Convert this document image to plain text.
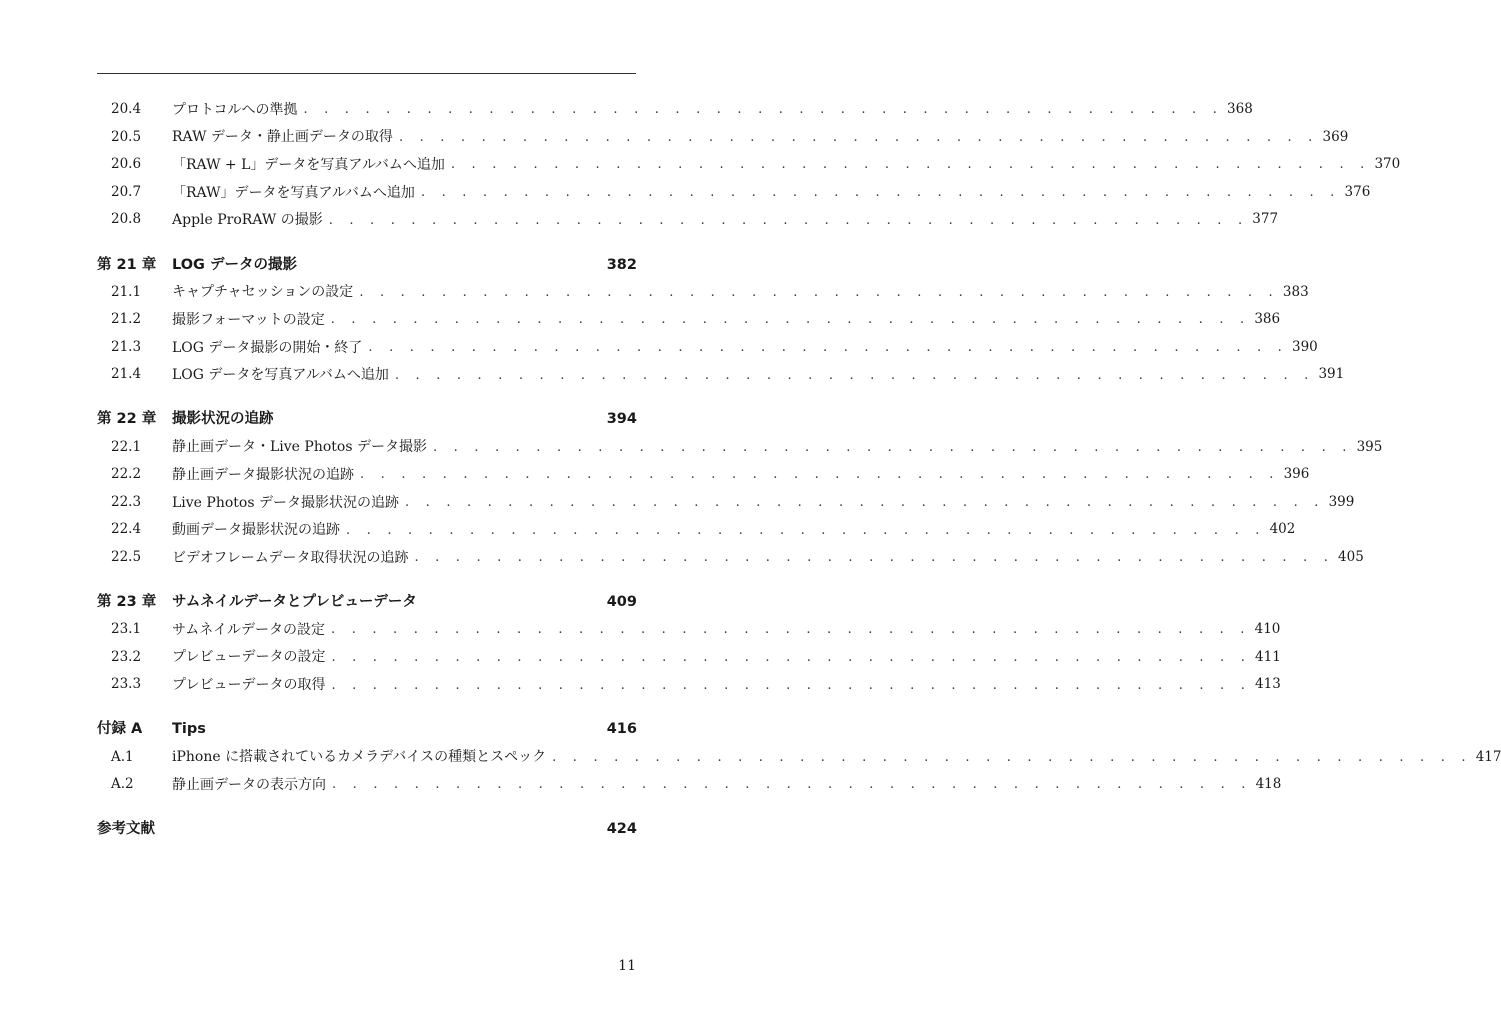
20.4	プロトコルへの準拠 . . . . . . . . . . . . . . . . . . . . . . . . . . . . . . . . . . . . . . . . . . . . . 368
20.5	RAW データ・静止画データの取得 . . . . . . . . . . . . . . . . . . . . . . . . . . . . . . . . . . . . . . . . . . . . . 369
20.6	「RAW + L」データを写真アルバムへ追加 . . . . . . . . . . . . . . . . . . . . . . . . . . . . . . . . . . . . . . . . . . . . . 370
20.7	「RAW」データを写真アルバムへ追加 . . . . . . . . . . . . . . . . . . . . . . . . . . . . . . . . . . . . . . . . . . . . . 376
20.8	Apple ProRAW の撮影 . . . . . . . . . . . . . . . . . . . . . . . . . . . . . . . . . . . . . . . . . . . . . 377
第 21 章	LOG データの撮影	382
21.1	キャプチャセッションの設定 . . . . . . . . . . . . . . . . . . . . . . . . . . . . . . . . . . . . . . . . . . . . . 383
21.2	撮影フォーマットの設定 . . . . . . . . . . . . . . . . . . . . . . . . . . . . . . . . . . . . . . . . . . . . . 386
21.3	LOG データ撮影の開始・終了 . . . . . . . . . . . . . . . . . . . . . . . . . . . . . . . . . . . . . . . . . . . . . 390
21.4	LOG データを写真アルバムへ追加 . . . . . . . . . . . . . . . . . . . . . . . . . . . . . . . . . . . . . . . . . . . . . 391
第 22 章	撮影状況の追跡	394
22.1	静止画データ・Live Photos データ撮影 . . . . . . . . . . . . . . . . . . . . . . . . . . . . . . . . . . . . . . . . . . . . . 395
22.2	静止画データ撮影状況の追跡 . . . . . . . . . . . . . . . . . . . . . . . . . . . . . . . . . . . . . . . . . . . . . 396
22.3	Live Photos データ撮影状況の追跡 . . . . . . . . . . . . . . . . . . . . . . . . . . . . . . . . . . . . . . . . . . . . . 399
22.4	動画データ撮影状況の追跡 . . . . . . . . . . . . . . . . . . . . . . . . . . . . . . . . . . . . . . . . . . . . . 402
22.5	ビデオフレームデータ取得状況の追跡 . . . . . . . . . . . . . . . . . . . . . . . . . . . . . . . . . . . . . . . . . . . . . 405
第 23 章	サムネイルデータとプレビューデータ	409
23.1	サムネイルデータの設定 . . . . . . . . . . . . . . . . . . . . . . . . . . . . . . . . . . . . . . . . . . . . . 410
23.2	プレビューデータの設定 . . . . . . . . . . . . . . . . . . . . . . . . . . . . . . . . . . . . . . . . . . . . . 411
23.3	プレビューデータの取得 . . . . . . . . . . . . . . . . . . . . . . . . . . . . . . . . . . . . . . . . . . . . . 413
付録 A	Tips	416
A.1	iPhone に搭載されているカメラデバイスの種類とスペック . . . . . . . . . . . . . . . . . . . . . . . . . . . . . . . . . . . . . . . . . . . . . 417
A.2	静止画データの表示方向 . . . . . . . . . . . . . . . . . . . . . . . . . . . . . . . . . . . . . . . . . . . . . 418
参考文献	424
11
